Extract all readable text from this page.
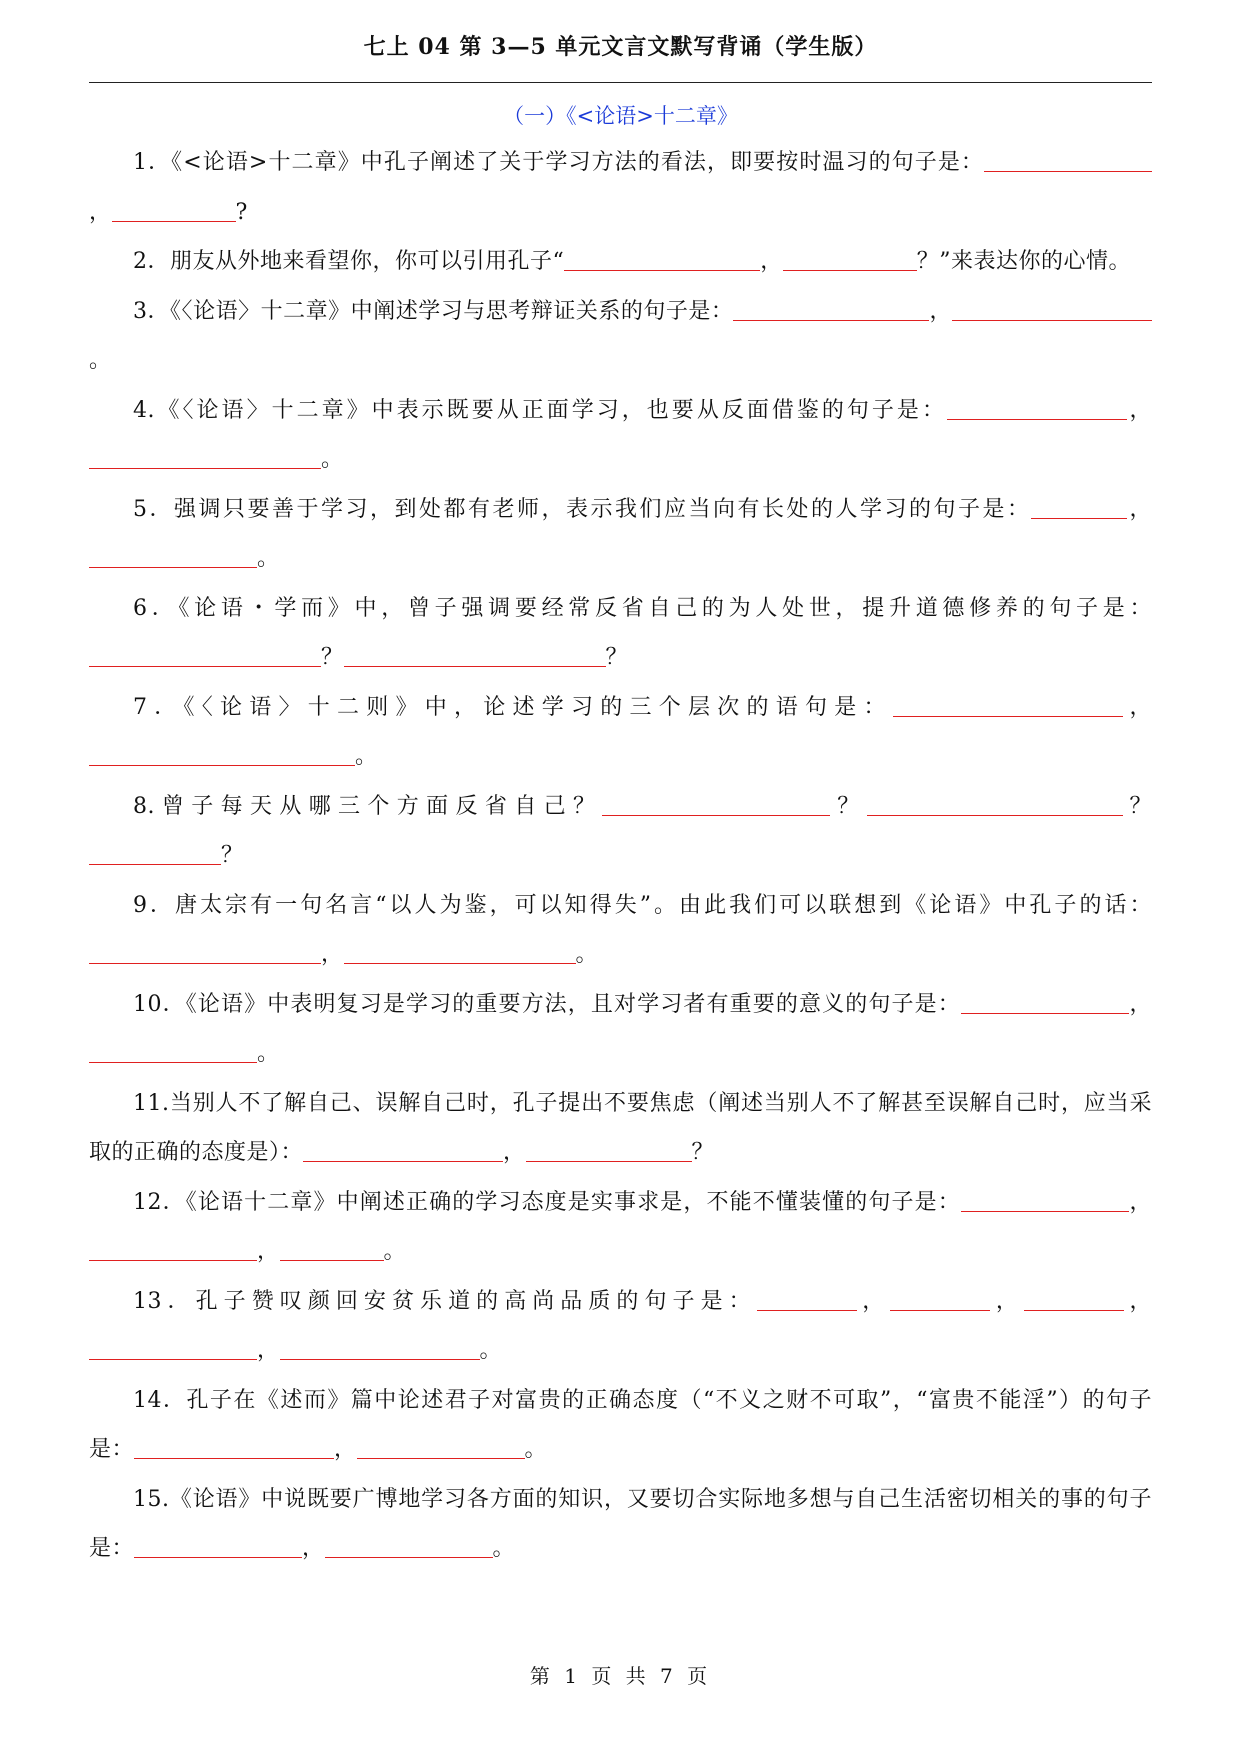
七上 04 第 3—5 单元文言文默写背诵（学生版）
（一）《<论语>十二章》

1．《<论语>十二章》中孔子阐述了关于学习方法的看法，即要按时温习的句子是：，	?

2．朋友从外地来看望你，你可以引用孔子“	，	？”来表达你的心情。

3．《〈论语〉十二章》中阐述学习与思考辩证关系的句子是：	，。

4.《〈论语〉十二章》中表示既要从正面学习，也要从反面借鉴的句子是：	，。

5．强调只要善于学习，到处都有老师，表示我们应当向有长处的人学习的句子是：	，。

6．《论语・学而》中，曾子强调要经常反省自己的为人处世，提升道德修养的句子是：？	？

7．《〈论语〉十二则》中，论述学习的三个层次的语句是：	，。

8.曾子每天从哪三个方面反省自己？	？	？？

9．唐太宗有一句名言“以人为鉴，可以知得失”。由此我们可以联想到《论语》中孔子的话：，	。

10．《论语》中表明复习是学习的重要方法，且对学习者有重要的意义的句子是：	，。

11.当别人不了解自己、误解自己时，孔子提出不要焦虑（阐述当别人不了解甚至误解自己时，应当采取的正确的态度是）：	，	？

12．《论语十二章》中阐述正确的学习态度是实事求是，不能不懂装懂的句子是：	，，	。

13．孔子赞叹颜回安贫乐道的高尚品质的句子是：	，	，	，，	。

14．孔子在《述而》篇中论述君子对富贵的正确态度（“不义之财不可取”，“富贵不能淫”）的句子是：	，	。

15.《论语》中说既要广博地学习各方面的知识，又要切合实际地多想与自己生活密切相关的事的句子是：	，	。

第 1 页 共 7 页
